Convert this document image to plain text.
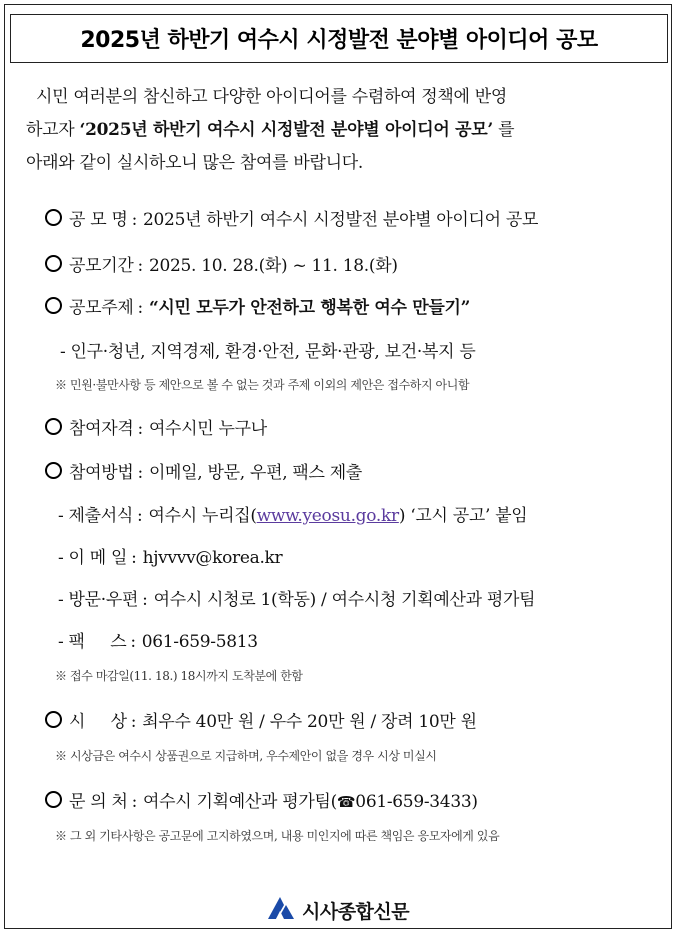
2025년 하반기 여수시 시정발전 분야별 아이디어 공모
시민 여러분의 참신하고 다양한 아이디어를 수렴하여 정책에 반영
하고자 ‘2025년 하반기 여수시 시정발전 분야별 아이디어 공모’ 를
아래와 같이 실시하오니 많은 참여를 바랍니다.
공 모 명 : 2025년 하반기 여수시 시정발전 분야별 아이디어 공모
공모기간 : 2025. 10. 28.(화) ~ 11. 18.(화)
공모주제 : “시민 모두가 안전하고 행복한 여수 만들기”
- 인구·청년, 지역경제, 환경·안전, 문화·관광, 보건·복지 등
※ 민원·불만사항 등 제안으로 볼 수 없는 것과 주제 이외의 제안은 접수하지 아니함
참여자격 : 여수시민 누구나
참여방법 : 이메일, 방문, 우편, 팩스 제출
- 제출서식 : 여수시 누리집(www.yeosu.go.kr) ‘고시 공고’ 붙임
- 이 메 일 : hjvvvv@korea.kr
- 방문·우편 : 여수시 시청로 1(학동) / 여수시청 기획예산과 평가팀
- 팩     스 : 061-659-5813
※ 접수 마감일(11. 18.) 18시까지 도착분에 한함
시     상 : 최우수 40만 원 / 우수 20만 원 / 장려 10만 원
※ 시상금은 여수시 상품권으로 지급하며, 우수제안이 없을 경우 시상 미실시
문 의 처 : 여수시 기획예산과 평가팀(☎061-659-3433)
※ 그 외 기타사항은 공고문에 고지하였으며, 내용 미인지에 따른 책임은 응모자에게 있음
시사종합신문
